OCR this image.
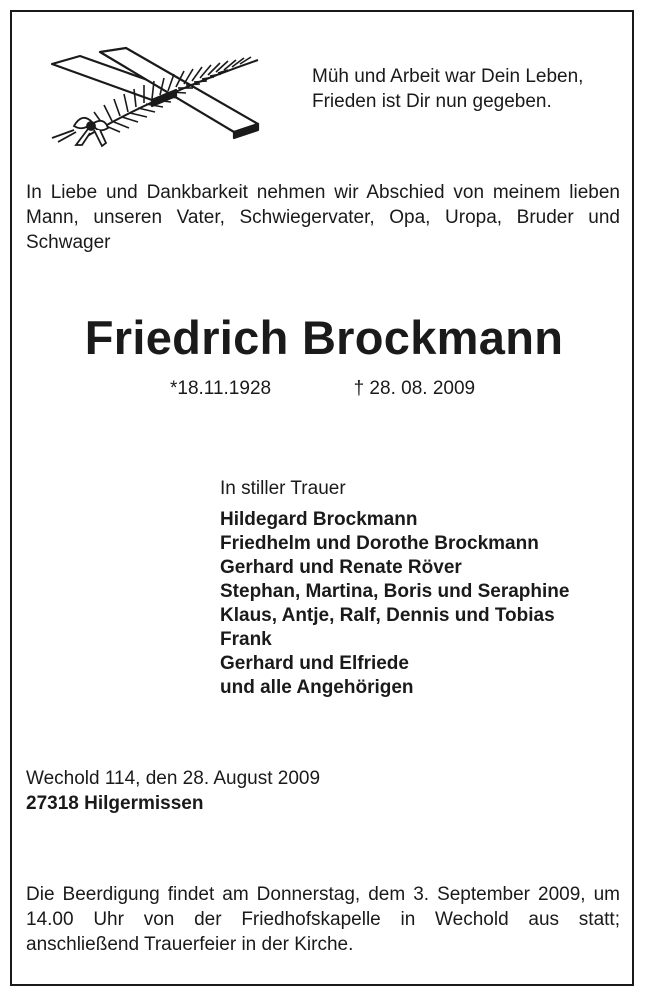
Müh und Arbeit war Dein Leben,
Frieden ist Dir nun gegeben.
In Liebe und Dankbarkeit nehmen wir Abschied von meinem lieben Mann, unseren Vater, Schwiegervater, Opa, Uropa, Bruder und Schwager
Friedrich Brockmann
*18.11.1928	 † 28. 08. 2009
In stiller Trauer
Hildegard Brockmann
Friedhelm und Dorothe Brockmann
Gerhard und Renate Röver
Stephan, Martina, Boris und Seraphine
Klaus, Antje, Ralf, Dennis und Tobias
Frank
Gerhard und Elfriede
und alle Angehörigen
Wechold 114, den 28. August 2009
27318 Hilgermissen
Die Beerdigung findet am Donnerstag, dem 3. September 2009, um 14.00 Uhr von der Friedhofskapelle in Wechold aus statt; anschließend Trauerfeier in der Kirche.
